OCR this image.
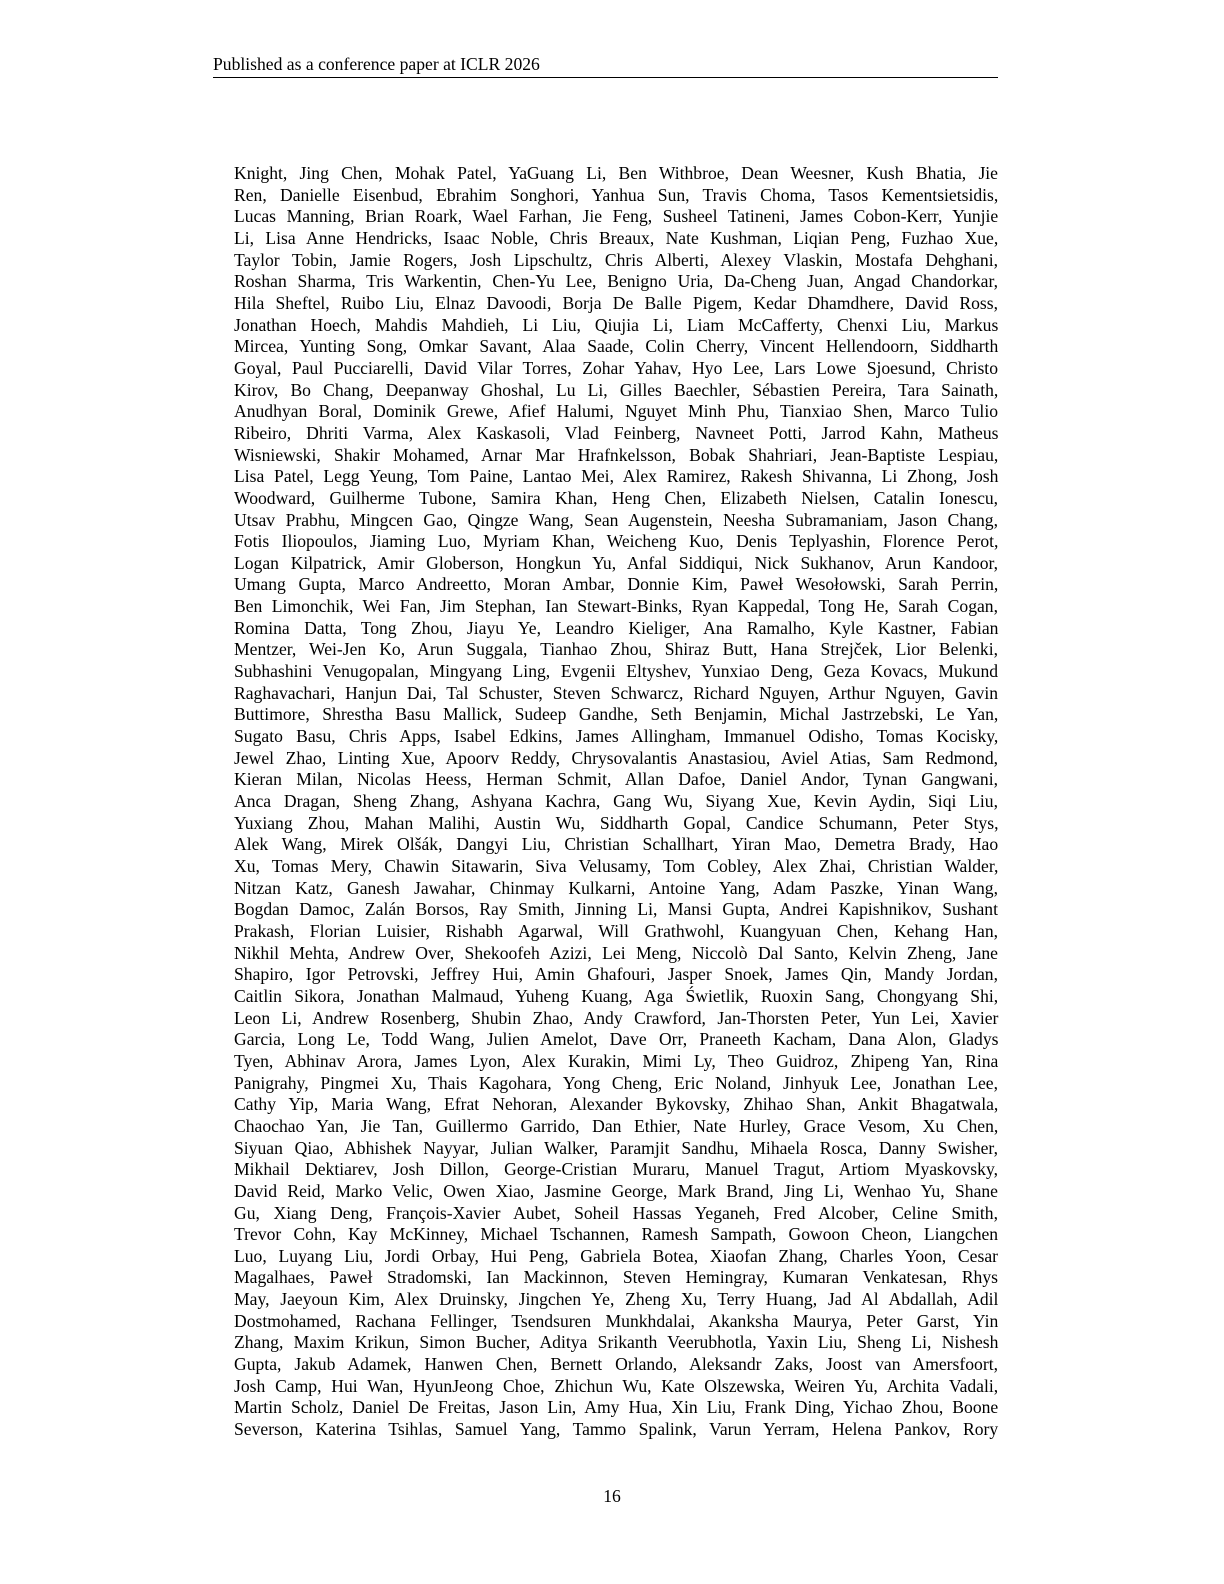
Published as a conference paper at ICLR 2026
Knight, Jing Chen, Mohak Patel, YaGuang Li, Ben Withbroe, Dean Weesner, Kush Bhatia, Jie
Ren, Danielle Eisenbud, Ebrahim Songhori, Yanhua Sun, Travis Choma, Tasos Kementsietsidis,
Lucas Manning, Brian Roark, Wael Farhan, Jie Feng, Susheel Tatineni, James Cobon-Kerr, Yunjie
Li, Lisa Anne Hendricks, Isaac Noble, Chris Breaux, Nate Kushman, Liqian Peng, Fuzhao Xue,
Taylor Tobin, Jamie Rogers, Josh Lipschultz, Chris Alberti, Alexey Vlaskin, Mostafa Dehghani,
Roshan Sharma, Tris Warkentin, Chen-Yu Lee, Benigno Uria, Da-Cheng Juan, Angad Chandorkar,
Hila Sheftel, Ruibo Liu, Elnaz Davoodi, Borja De Balle Pigem, Kedar Dhamdhere, David Ross,
Jonathan Hoech, Mahdis Mahdieh, Li Liu, Qiujia Li, Liam McCafferty, Chenxi Liu, Markus
Mircea, Yunting Song, Omkar Savant, Alaa Saade, Colin Cherry, Vincent Hellendoorn, Siddharth
Goyal, Paul Pucciarelli, David Vilar Torres, Zohar Yahav, Hyo Lee, Lars Lowe Sjoesund, Christo
Kirov, Bo Chang, Deepanway Ghoshal, Lu Li, Gilles Baechler, Sébastien Pereira, Tara Sainath,
Anudhyan Boral, Dominik Grewe, Afief Halumi, Nguyet Minh Phu, Tianxiao Shen, Marco Tulio
Ribeiro, Dhriti Varma, Alex Kaskasoli, Vlad Feinberg, Navneet Potti, Jarrod Kahn, Matheus
Wisniewski, Shakir Mohamed, Arnar Mar Hrafnkelsson, Bobak Shahriari, Jean-Baptiste Lespiau,
Lisa Patel, Legg Yeung, Tom Paine, Lantao Mei, Alex Ramirez, Rakesh Shivanna, Li Zhong, Josh
Woodward, Guilherme Tubone, Samira Khan, Heng Chen, Elizabeth Nielsen, Catalin Ionescu,
Utsav Prabhu, Mingcen Gao, Qingze Wang, Sean Augenstein, Neesha Subramaniam, Jason Chang,
Fotis Iliopoulos, Jiaming Luo, Myriam Khan, Weicheng Kuo, Denis Teplyashin, Florence Perot,
Logan Kilpatrick, Amir Globerson, Hongkun Yu, Anfal Siddiqui, Nick Sukhanov, Arun Kandoor,
Umang Gupta, Marco Andreetto, Moran Ambar, Donnie Kim, Paweł Wesołowski, Sarah Perrin,
Ben Limonchik, Wei Fan, Jim Stephan, Ian Stewart-Binks, Ryan Kappedal, Tong He, Sarah Cogan,
Romina Datta, Tong Zhou, Jiayu Ye, Leandro Kieliger, Ana Ramalho, Kyle Kastner, Fabian
Mentzer, Wei-Jen Ko, Arun Suggala, Tianhao Zhou, Shiraz Butt, Hana Strejček, Lior Belenki,
Subhashini Venugopalan, Mingyang Ling, Evgenii Eltyshev, Yunxiao Deng, Geza Kovacs, Mukund
Raghavachari, Hanjun Dai, Tal Schuster, Steven Schwarcz, Richard Nguyen, Arthur Nguyen, Gavin
Buttimore, Shrestha Basu Mallick, Sudeep Gandhe, Seth Benjamin, Michal Jastrzebski, Le Yan,
Sugato Basu, Chris Apps, Isabel Edkins, James Allingham, Immanuel Odisho, Tomas Kocisky,
Jewel Zhao, Linting Xue, Apoorv Reddy, Chrysovalantis Anastasiou, Aviel Atias, Sam Redmond,
Kieran Milan, Nicolas Heess, Herman Schmit, Allan Dafoe, Daniel Andor, Tynan Gangwani,
Anca Dragan, Sheng Zhang, Ashyana Kachra, Gang Wu, Siyang Xue, Kevin Aydin, Siqi Liu,
Yuxiang Zhou, Mahan Malihi, Austin Wu, Siddharth Gopal, Candice Schumann, Peter Stys,
Alek Wang, Mirek Olšák, Dangyi Liu, Christian Schallhart, Yiran Mao, Demetra Brady, Hao
Xu, Tomas Mery, Chawin Sitawarin, Siva Velusamy, Tom Cobley, Alex Zhai, Christian Walder,
Nitzan Katz, Ganesh Jawahar, Chinmay Kulkarni, Antoine Yang, Adam Paszke, Yinan Wang,
Bogdan Damoc, Zalán Borsos, Ray Smith, Jinning Li, Mansi Gupta, Andrei Kapishnikov, Sushant
Prakash, Florian Luisier, Rishabh Agarwal, Will Grathwohl, Kuangyuan Chen, Kehang Han,
Nikhil Mehta, Andrew Over, Shekoofeh Azizi, Lei Meng, Niccolò Dal Santo, Kelvin Zheng, Jane
Shapiro, Igor Petrovski, Jeffrey Hui, Amin Ghafouri, Jasper Snoek, James Qin, Mandy Jordan,
Caitlin Sikora, Jonathan Malmaud, Yuheng Kuang, Aga Świetlik, Ruoxin Sang, Chongyang Shi,
Leon Li, Andrew Rosenberg, Shubin Zhao, Andy Crawford, Jan-Thorsten Peter, Yun Lei, Xavier
Garcia, Long Le, Todd Wang, Julien Amelot, Dave Orr, Praneeth Kacham, Dana Alon, Gladys
Tyen, Abhinav Arora, James Lyon, Alex Kurakin, Mimi Ly, Theo Guidroz, Zhipeng Yan, Rina
Panigrahy, Pingmei Xu, Thais Kagohara, Yong Cheng, Eric Noland, Jinhyuk Lee, Jonathan Lee,
Cathy Yip, Maria Wang, Efrat Nehoran, Alexander Bykovsky, Zhihao Shan, Ankit Bhagatwala,
Chaochao Yan, Jie Tan, Guillermo Garrido, Dan Ethier, Nate Hurley, Grace Vesom, Xu Chen,
Siyuan Qiao, Abhishek Nayyar, Julian Walker, Paramjit Sandhu, Mihaela Rosca, Danny Swisher,
Mikhail Dektiarev, Josh Dillon, George-Cristian Muraru, Manuel Tragut, Artiom Myaskovsky,
David Reid, Marko Velic, Owen Xiao, Jasmine George, Mark Brand, Jing Li, Wenhao Yu, Shane
Gu, Xiang Deng, François-Xavier Aubet, Soheil Hassas Yeganeh, Fred Alcober, Celine Smith,
Trevor Cohn, Kay McKinney, Michael Tschannen, Ramesh Sampath, Gowoon Cheon, Liangchen
Luo, Luyang Liu, Jordi Orbay, Hui Peng, Gabriela Botea, Xiaofan Zhang, Charles Yoon, Cesar
Magalhaes, Paweł Stradomski, Ian Mackinnon, Steven Hemingray, Kumaran Venkatesan, Rhys
May, Jaeyoun Kim, Alex Druinsky, Jingchen Ye, Zheng Xu, Terry Huang, Jad Al Abdallah, Adil
Dostmohamed, Rachana Fellinger, Tsendsuren Munkhdalai, Akanksha Maurya, Peter Garst, Yin
Zhang, Maxim Krikun, Simon Bucher, Aditya Srikanth Veerubhotla, Yaxin Liu, Sheng Li, Nishesh
Gupta, Jakub Adamek, Hanwen Chen, Bernett Orlando, Aleksandr Zaks, Joost van Amersfoort,
Josh Camp, Hui Wan, HyunJeong Choe, Zhichun Wu, Kate Olszewska, Weiren Yu, Archita Vadali,
Martin Scholz, Daniel De Freitas, Jason Lin, Amy Hua, Xin Liu, Frank Ding, Yichao Zhou, Boone
Severson, Katerina Tsihlas, Samuel Yang, Tammo Spalink, Varun Yerram, Helena Pankov, Rory
16
